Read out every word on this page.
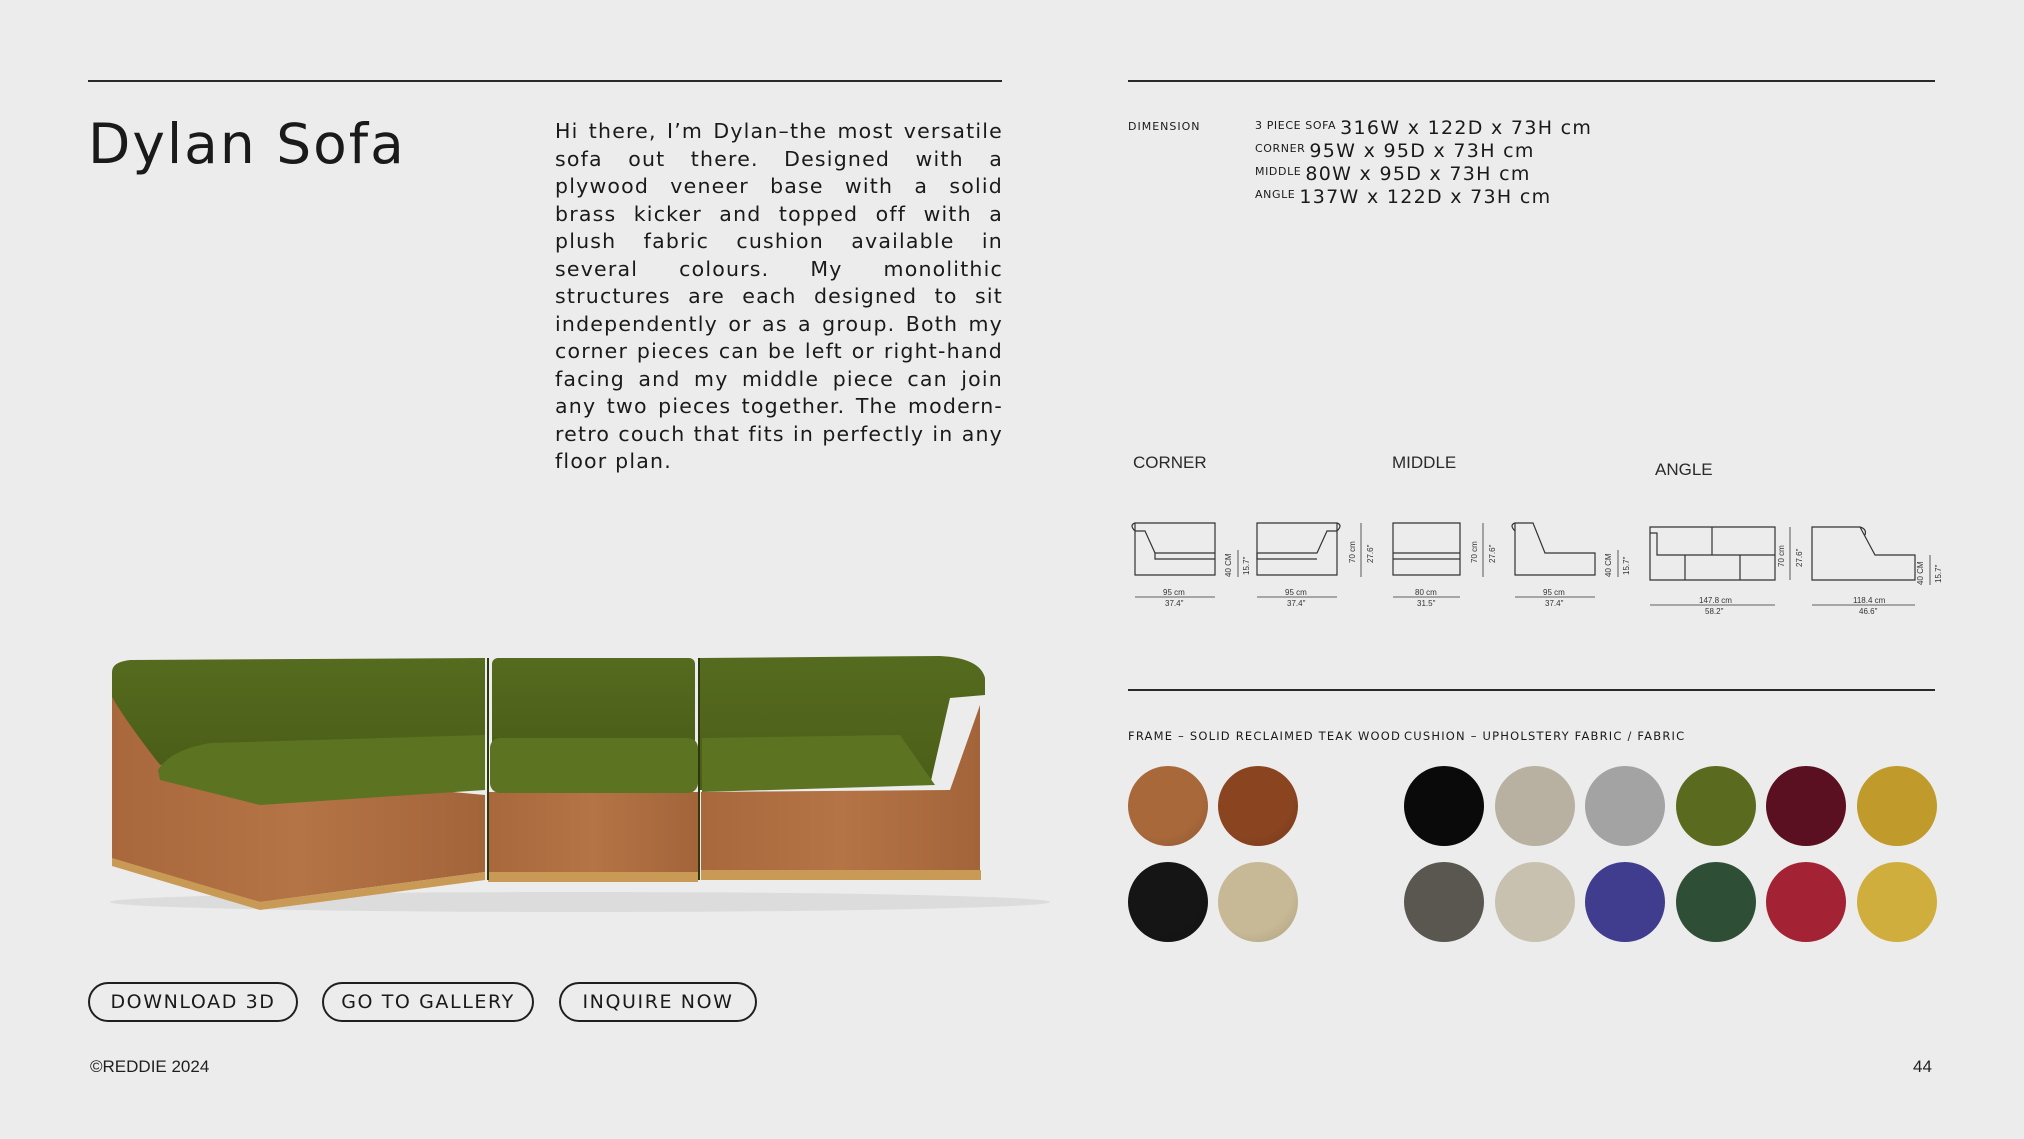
Dylan Sofa	Hi there, I’m Dylan–the most versatile sofa out there. Designed with a plywood veneer base with a solid brass kicker and topped off with a plush fabric cushion available in several colours. My monolithic structures are each designed to sit independently or as a group. Both my corner pieces can be left or right-hand facing and my middle piece can join any two pieces together. The modern-retro couch that fits in perfectly in any floor plan.

DOWNLOAD 3D	GO TO GALLERY	INQUIRE NOW
©REDDIE 2024	44
DIMENSION	3 PIECE SOFA 316W x 122D x 73H cm
CORNER 95W x 95D x 73H cm
MIDDLE 80W x 95D x 73H cm
ANGLE 137W x 122D x 73H cm
CORNER	MIDDLE	ANGLE
95 cm
37.4"
95 cm
37.4"
80 cm
31.5"
95 cm
37.4"	147.8 cm
58.2"
118.4 cm
46.6"
40 CM 15.7"
70 cm 27.6"	70 cm 27.6"	40 CM 15.7"	70 cm 27.6"
40 CM 15.7"
FRAME – SOLID RECLAIMED TEAK WOOD CUSHION – UPHOLSTERY FABRIC / FABRIC
